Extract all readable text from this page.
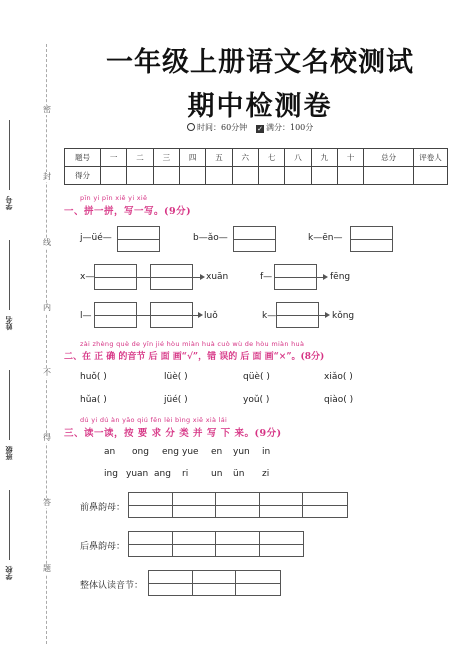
密
封
线
内
不
得
答
题
学号
姓名
班级
学校
一年级上册语文名校测试
期中检测卷
时间：60分钟 ✓ 满分：100分
题号	一	二	三	四	五	六	七	八	九	十	总分	评卷人
得分												
pīn yi pīn xiě yi xiě
一、拼一拼，写一写。(9分)
j—üé—	b—ǎo—	k—ēn—
x—	xuān	f—	fēng
l—	luǒ	k—	kǒng
zài zhèng què de yīn jié hòu miàn huà cuò wù de hòu miàn huà
二、在 正 确 的音节 后 面 画“√”，错 误的 后 面 画“×”。(8分)
huǒ( )	lüè( )	qüè( )	xiǎo( )
hǔa( )	jüé( )	yoǔ( )	qiào( )
dú yi dú àn yāo qiú fēn lèi bìng xiě xià lái
三、读一读，按 要 求 分 类 并 写 下 来。(9分)
an ong eng yue en yun in
ing yuan ang ri	un ün zi
前鼻韵母：
后鼻韵母：
整体认读音节：
